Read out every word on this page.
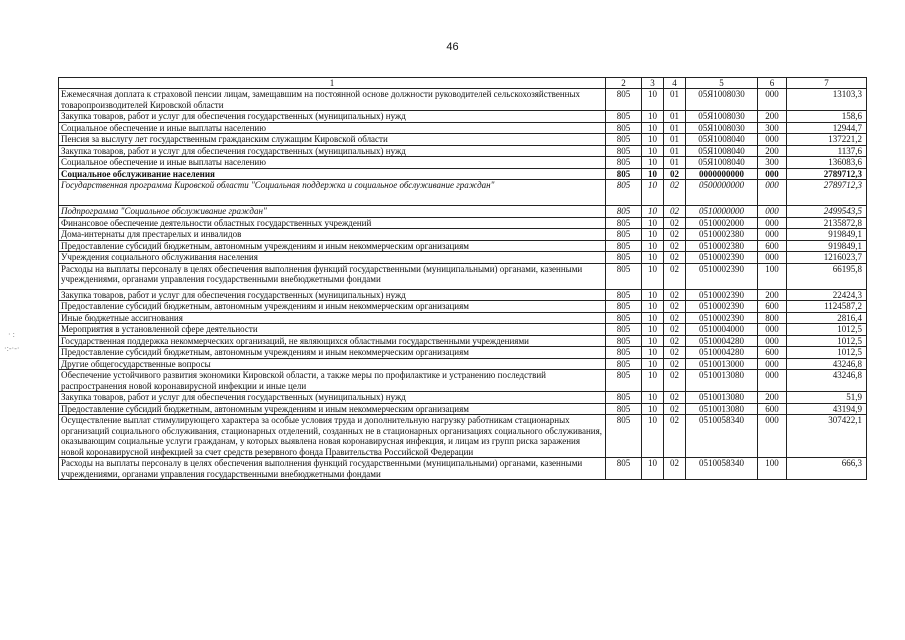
46
· :
·:-·-·
1	2	3	4	5	6	7
Ежемесячная доплата к страховой пенсии лицам, замещавшим на постоянной основе должности руководителей сельскохозяйственных товаропроизводителей Кировской области	805	10	01	05Я1008030	000	13103,3
Закупка товаров, работ и услуг для обеспечения государственных (муниципальных) нужд	805	10	01	05Я1008030	200	158,6
Социальное обеспечение и иные выплаты населению	805	10	01	05Я1008030	300	12944,7
Пенсия за выслугу лет государственным гражданским служащим Кировской области	805	10	01	05Я1008040	000	137221,2
Закупка товаров, работ и услуг для обеспечения государственных (муниципальных) нужд	805	10	01	05Я1008040	200	1137,6
Социальное обеспечение и иные выплаты населению	805	10	01	05Я1008040	300	136083,6
Социальное обслуживание населения	805	10	02	0000000000	000	2789712,3
Государственная программа Кировской области "Социальная поддержка и социальное обслуживание граждан"	805	10	02	0500000000	000	2789712,3
Подпрограмма "Социальное обслуживание граждан"	805	10	02	0510000000	000	2499543,5
Финансовое обеспечение деятельности областных государственных учреждений	805	10	02	0510002000	000	2135872,8
Дома-интернаты для престарелых и инвалидов	805	10	02	0510002380	000	919849,1
Предоставление субсидий бюджетным, автономным учреждениям и иным некоммерческим организациям	805	10	02	0510002380	600	919849,1
Учреждения социального обслуживания населения	805	10	02	0510002390	000	1216023,7
Расходы на выплаты персоналу в целях обеспечения выполнения функций государственными (муниципальными) органами, казенными учреждениями, органами управления государственными внебюджетными фондами	805	10	02	0510002390	100	66195,8
Закупка товаров, работ и услуг для обеспечения государственных (муниципальных) нужд	805	10	02	0510002390	200	22424,3
Предоставление субсидий бюджетным, автономным учреждениям и иным некоммерческим организациям	805	10	02	0510002390	600	1124587,2
Иные бюджетные ассигнования	805	10	02	0510002390	800	2816,4
Мероприятия в установленной сфере деятельности	805	10	02	0510004000	000	1012,5
Государственная поддержка некоммерческих организаций, не являющихся областными государственными учреждениями	805	10	02	0510004280	000	1012,5
Предоставление субсидий бюджетным, автономным учреждениям и иным некоммерческим организациям	805	10	02	0510004280	600	1012,5
Другие общегосударственные вопросы	805	10	02	0510013000	000	43246,8
Обеспечение устойчивого развития экономики Кировской области, а также меры по профилактике и устранению последствий распространения новой коронавирусной инфекции и иные цели	805	10	02	0510013080	000	43246,8
Закупка товаров, работ и услуг для обеспечения государственных (муниципальных) нужд	805	10	02	0510013080	200	51,9
Предоставление субсидий бюджетным, автономным учреждениям и иным некоммерческим организациям	805	10	02	0510013080	600	43194,9
Осуществление выплат стимулирующего характера за особые условия труда и дополнительную нагрузку работникам стационарных организаций социального обслуживания, стационарных отделений, созданных не в стационарных организациях социального обслуживания, оказывающим социальные услуги гражданам, у которых выявлена новая коронавирусная инфекция, и лицам из групп риска заражения новой коронавирусной инфекцией за счет средств резервного фонда Правительства Российской Федерации	805	10	02	0510058340	000	307422,1
Расходы на выплаты персоналу в целях обеспечения выполнения функций государственными (муниципальными) органами, казенными учреждениями, органами управления государственными внебюджетными фондами	805	10	02	0510058340	100	666,3
